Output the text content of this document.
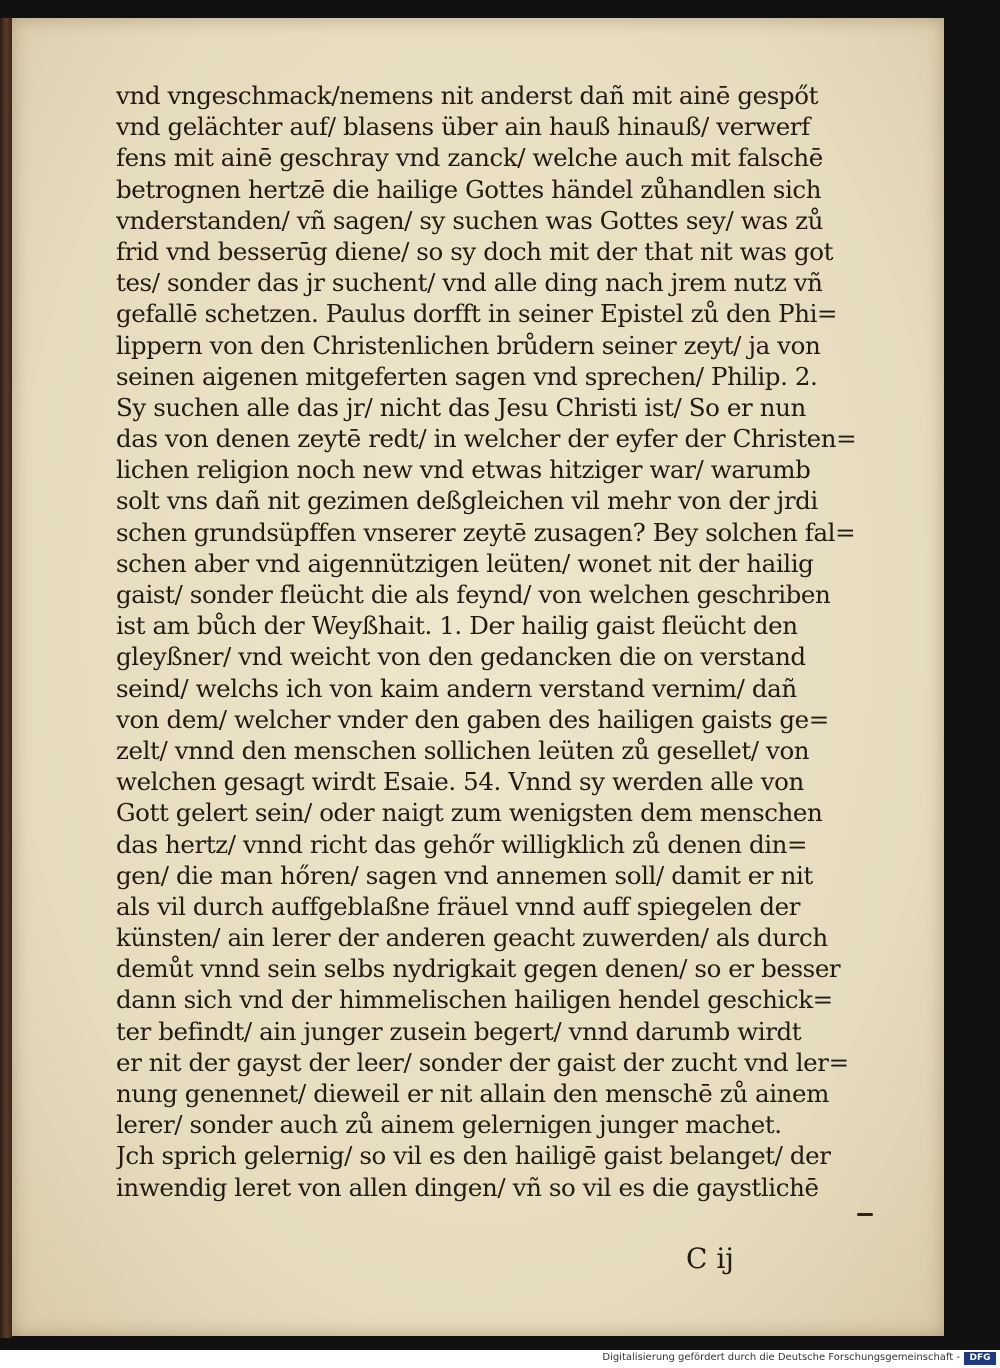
vnd vngeschmack/nemens nit anderst dañ mit ainē gespőt
vnd gelächter auf/ blasens über ain hauß hinauß/ verwerf
fens mit ainē geschray vnd zanck/ welche auch mit falschē
betrognen hertzē die hailige Gottes händel zůhandlen sich
vnderstanden/ vñ sagen/ sy suchen was Gottes sey/ was zů
frid vnd besserūg diene/ so sy doch mit der that nit was got
tes/ sonder das jr suchent/ vnd alle ding nach jrem nutz vñ
gefallē schetzen. Paulus dorfft in seiner Epistel zů den Phi=
lippern von den Christenlichen brůdern seiner zeyt/ ja von
seinen aigenen mitgeferten sagen vnd sprechen/ Philip. 2.
Sy suchen alle das jr/ nicht das Jesu Christi ist/ So er nun
das von denen zeytē redt/ in welcher der eyfer der Christen=
lichen religion noch new vnd etwas hitziger war/ warumb
solt vns dañ nit gezimen deßgleichen vil mehr von der jrdi
schen grundsüpffen vnserer zeytē zusagen? Bey solchen fal=
schen aber vnd aigennützigen leüten/ wonet nit der hailig
gaist/ sonder fleücht die als feynd/ von welchen geschriben
ist am bůch der Weyßhait. 1. Der hailig gaist fleücht den
gleyßner/ vnd weicht von den gedancken die on verstand
seind/ welchs ich von kaim andern verstand vernim/ dañ
von dem/ welcher vnder den gaben des hailigen gaists ge=
zelt/ vnnd den menschen sollichen leüten zů gesellet/ von
welchen gesagt wirdt Esaie. 54. Vnnd sy werden alle von
Gott gelert sein/ oder naigt zum wenigsten dem menschen
das hertz/ vnnd richt das gehőr willigklich zů denen din=
gen/ die man hőren/ sagen vnd annemen soll/ damit er nit
als vil durch auffgeblaßne fräuel vnnd auff spiegelen der
künsten/ ain lerer der anderen geacht zuwerden/ als durch
demůt vnnd sein selbs nydrigkait gegen denen/ so er besser
dann sich vnd der himmelischen hailigen hendel geschick=
ter befindt/ ain junger zusein begert/ vnnd darumb wirdt
er nit der gayst der leer/ sonder der gaist der zucht vnd ler=
nung genennet/ dieweil er nit allain den menschē zů ainem
lerer/ sonder auch zů ainem gelernigen junger machet.
Jch sprich gelernig/ so vil es den hailigē gaist belanget/ der
inwendig leret von allen dingen/ vñ so vil es die gaystlichē
C ij
Digitalisierung gefördert durch die Deutsche Forschungsgemeinschaft -	DFG
